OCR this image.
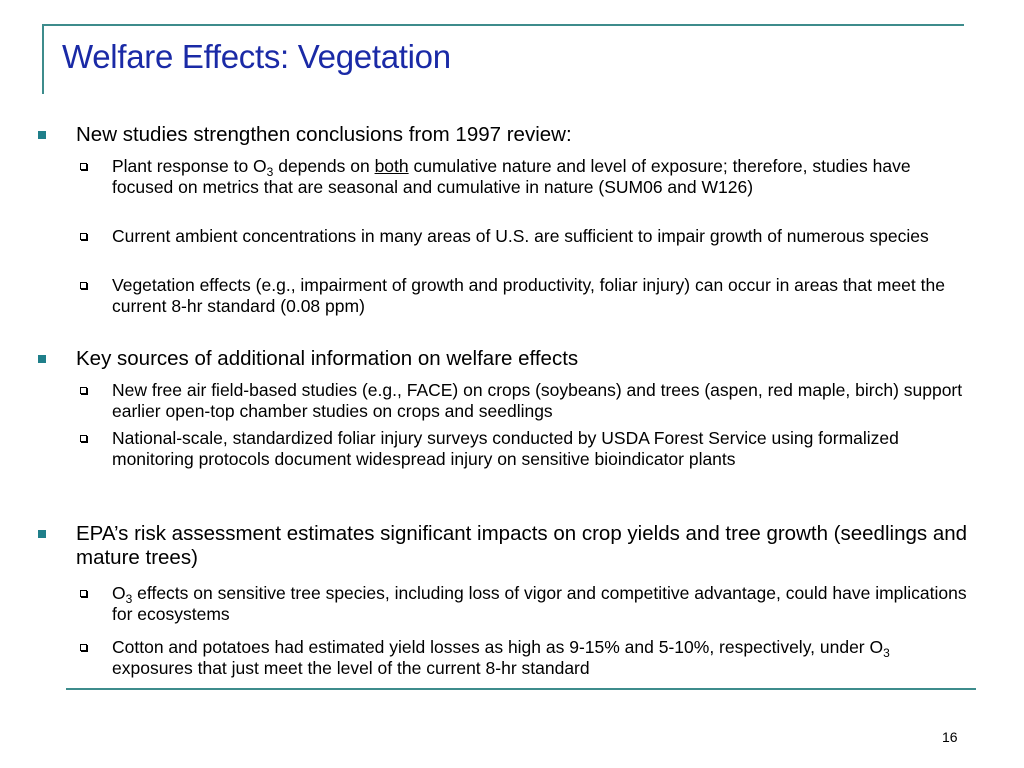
Welfare Effects: Vegetation
New studies strengthen conclusions from 1997 review:
Plant response to $O_3$ depends on both cumulative nature and level of exposure; therefore, studies have focused on metrics that are seasonal and cumulative in nature (SUM06 and W126)
Current ambient concentrations in many areas of U.S. are sufficient to impair growth of numerous species
Vegetation effects (e.g., impairment of growth and productivity, foliar injury) can occur in areas that meet the current 8-hr standard (0.08 ppm)
Key sources of additional information on welfare effects
New free air field-based studies (e.g., FACE) on crops (soybeans) and trees (aspen, red maple, birch) support earlier open-top chamber studies on crops and seedlings
National-scale, standardized foliar injury surveys conducted by USDA Forest Service using formalized monitoring protocols document widespread injury on sensitive bioindicator plants
EPA’s risk assessment estimates significant impacts on crop yields and tree growth (seedlings and mature trees)
$O_3$ effects on sensitive tree species, including loss of vigor and competitive advantage, could have implications for ecosystems
Cotton and potatoes had estimated yield losses as high as 9-15% and 5-10%, respectively, under $O_3$ exposures that just meet the level of the current 8-hr standard
16
